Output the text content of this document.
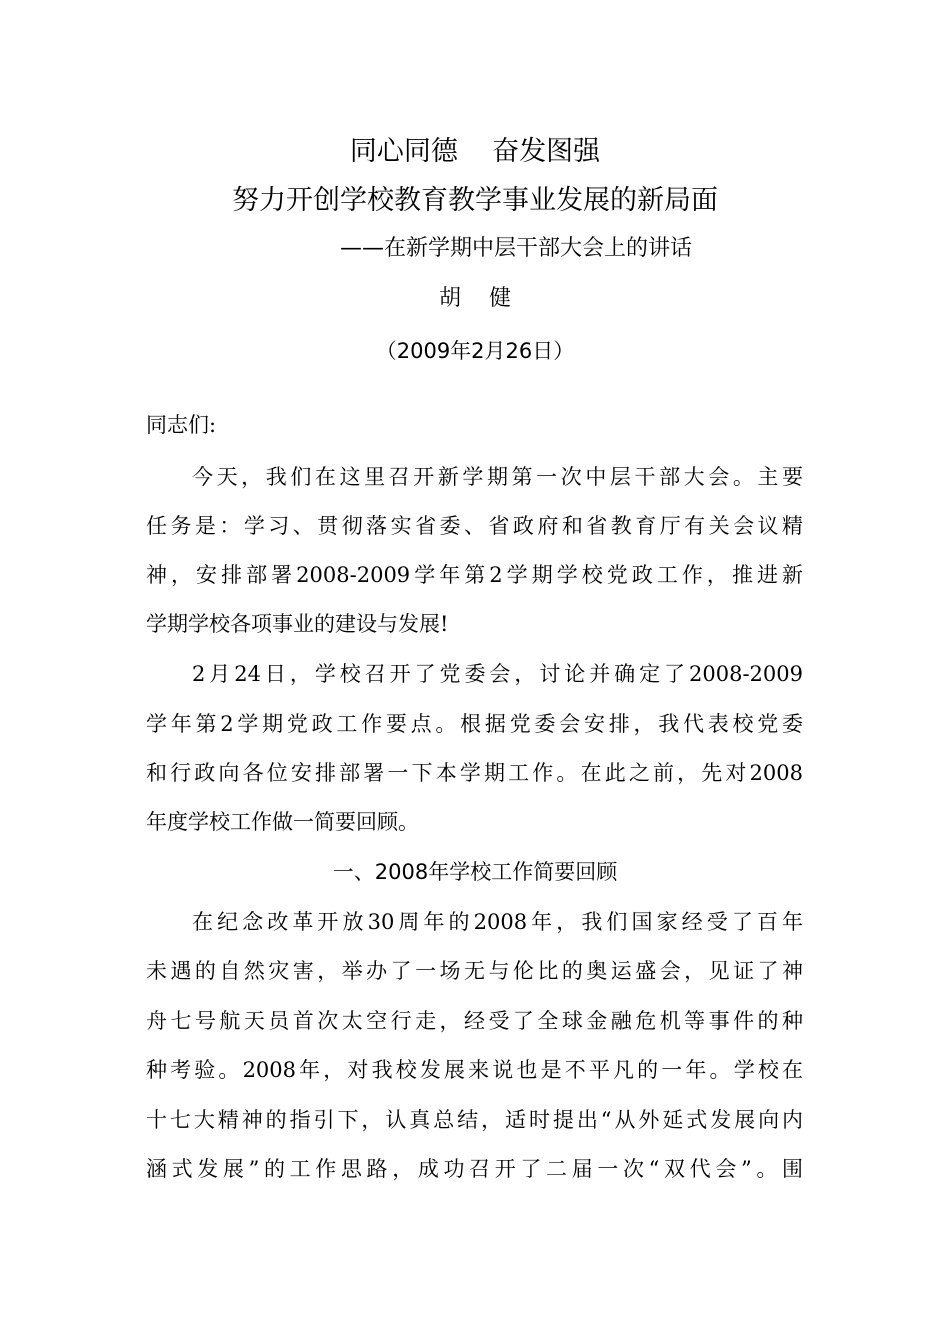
同心同德    奋发图强
努力开创学校教育教学事业发展的新局面
——在新学期中层干部大会上的讲话
胡    健
（2009年2月26日）
同志们:
今天，我们在这里召开新学期第一次中层干部大会。主要
任务是：学习、贯彻落实省委、省政府和省教育厅有关会议精
神，安排部署2008-2009学年第2学期学校党政工作，推进新
学期学校各项事业的建设与发展!
2月24日，学校召开了党委会，讨论并确定了2008-2009
学年第2学期党政工作要点。根据党委会安排，我代表校党委
和行政向各位安排部署一下本学期工作。在此之前，先对2008
年度学校工作做一简要回顾。
一、2008年学校工作简要回顾
在纪念改革开放30周年的2008年，我们国家经受了百年
未遇的自然灾害，举办了一场无与伦比的奥运盛会，见证了神
舟七号航天员首次太空行走，经受了全球金融危机等事件的种
种考验。2008年，对我校发展来说也是不平凡的一年。学校在
十七大精神的指引下，认真总结，适时提出“从外延式发展向内
涵式发展”的工作思路，成功召开了二届一次“双代会”。围
